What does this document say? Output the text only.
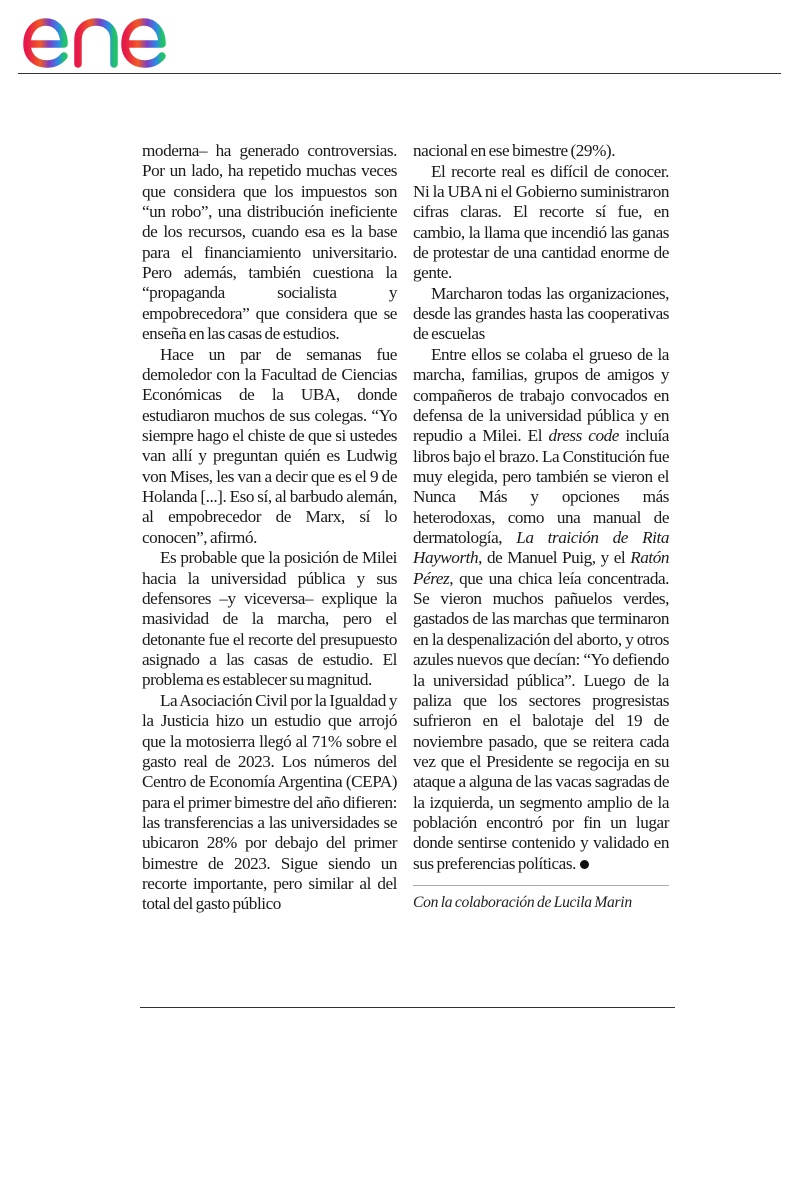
enel

moderna– ha generado controversias. Por un lado, ha repetido muchas veces que considera que los impuestos son “un robo”, una distribución ineficiente de los recursos, cuando esa es la base para el financiamiento universitario. Pero además, también cuestiona la “propaganda socialista y empobrecedora” que considera que se enseña en las casas de estudios.

Hace un par de semanas fue demoledor con la Facultad de Ciencias Económicas de la UBA, donde estudiaron muchos de sus colegas. “Yo siempre hago el chiste de que si ustedes van allí y preguntan quién es Ludwig von Mises, les van a decir que es el 9 de Holanda [...]. Eso sí, al barbudo alemán, al empobrecedor de Marx, sí lo conocen”, afirmó.

Es probable que la posición de Milei hacia la universidad pública y sus defensores –y viceversa– explique la masividad de la marcha, pero el detonante fue el recorte del presupuesto asignado a las casas de estudio. El problema es establecer su magnitud.

La Asociación Civil por la Igualdad y la Justicia hizo un estudio que arrojó que la motosierra llegó al 71% sobre el gasto real de 2023. Los números del Centro de Economía Argentina (CEPA) para el primer bimestre del año difieren: las transferencias a las universidades se ubicaron 28% por debajo del primer bimestre de 2023. Sigue siendo un recorte importante, pero similar al del total del gasto público

nacional en ese bimestre (29%).

El recorte real es difícil de conocer. Ni la UBA ni el Gobierno suministraron cifras claras. El recorte sí fue, en cambio, la llama que incendió las ganas de protestar de una cantidad enorme de gente.

Marcharon todas las organizaciones, desde las grandes hasta las cooperativas de escuelas

Entre ellos se colaba el grueso de la marcha, familias, grupos de amigos y compañeros de trabajo convocados en defensa de la universidad pública y en repudio a Milei. El dress code incluía libros bajo el brazo. La Constitución fue muy elegida, pero también se vieron el Nunca Más y opciones más heterodoxas, como una manual de dermatología, La traición de Rita Hayworth, de Manuel Puig, y el Ratón Pérez, que una chica leía concentrada. Se vieron muchos pañuelos verdes, gastados de las marchas que terminaron en la despenalización del aborto, y otros azules nuevos que decían: “Yo defiendo la universidad pública”. Luego de la paliza que los sectores progresistas sufrieron en el balotaje del 19 de noviembre pasado, que se reitera cada vez que el Presidente se regocija en su ataque a alguna de las vacas sagradas de la izquierda, un segmento amplio de la población encontró por fin un lugar donde sentirse contenido y validado en sus preferencias políticas.

Con la colaboración de Lucila Marin
